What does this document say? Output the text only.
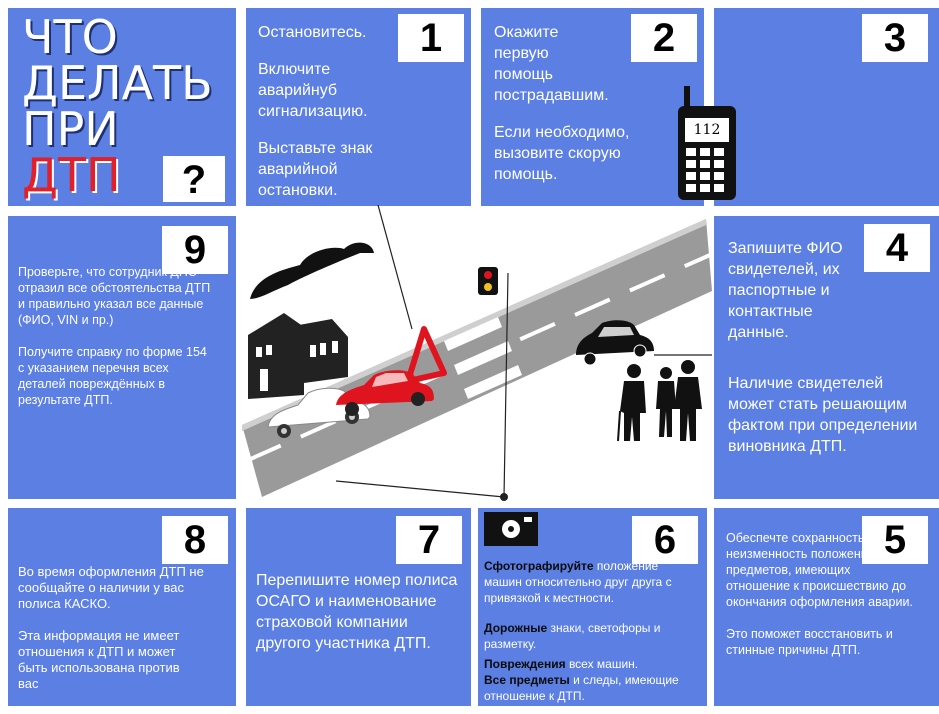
ЧТО
ДЕЛАТЬ
ПРИ
ДТП	?
1

Остановитесь.

Включите аварийнуб сигнализацию.

Выставьте знак аварийной остановки.

2

Окажите первую помощь пострадавшим.

Если необходимо, вызовите скорую помощь.

3
112
9

Проверьте, что сотрудник ДПС отразил все обстоятельства ДТП и правильно указал все данные (ФИО, VIN и пр.)

Получите справку по форме 154 с указанием перечня всех деталей повреждённых в результате ДТП.

4

Запишите ФИО свидетелей, их паспортные и контактные данные.

Наличие свидетелей может стать решающим фактом при определении виновника ДТП.

8

Во время оформления ДТП не сообщайте о наличии у вас полиса КАСКО.

Эта информация не имеет отношения к ДТП и может быть использована против вас

7

Перепишите номер полиса ОСАГО и наименование страховой компании другого участника ДТП.

6

Сфотографируйте положение машин относительно друг друга с привязкой к местности.

Дорожные знаки, светофоры и разметку.

Повреждения всех машин.

Все предметы и следы, имеющие отношение к ДТП.

5

Обеспечте сохранность и неизменность положения предметов, имеющих отношение к происшествию до окончания оформления аварии.

Это поможет восстановить и стинные причины ДТП.
